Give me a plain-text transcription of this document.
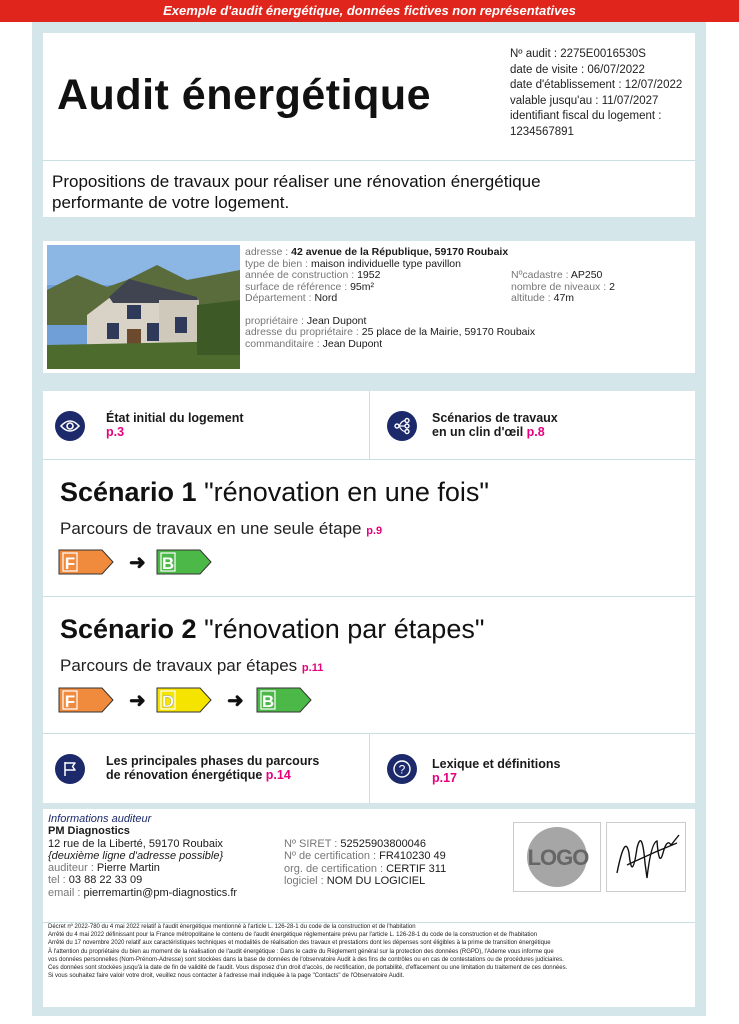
Exemple d'audit énergétique, données fictives non représentatives
Audit énergétique
Nº audit : 2275E0016530S
date de visite : 06/07/2022
date d'établissement : 12/07/2022
valable jusqu'au : 11/07/2027
identifiant fiscal du logement :
1234567891
Propositions de travaux pour réaliser une rénovation énergétique
performante de votre logement.
adresse : 42 avenue de la République, 59170 Roubaix
type de bien : maison individuelle type pavillon
année de construction : 1952	Nºcadastre : AP250
surface de référence : 95m²	nombre de niveaux : 2
Département : Nord	altitude : 47m
propriétaire : Jean Dupont
adresse du propriétaire : 25 place de la Mairie, 59170 Roubaix
commanditaire : Jean Dupont
État initial du logement
p.3
Scénarios de travaux
en un clin d'œil p.8
Scénario 1 "rénovation en une fois"
Parcours de travaux en une seule étape p.9
F	➜ B
Scénario 2 "rénovation par étapes"
Parcours de travaux par étapes p.11
F	➜ D	➜ B
Les principales phases du parcours
de rénovation énergétique p.14	? Lexique et définitions
p.17
Informations auditeur
PM Diagnostics
12 rue de la Liberté, 59170 Roubaix
{deuxième ligne d'adresse possible}
auditeur : Pierre Martin
tel : 03 88 22 33 09
email : pierremartin@pm-diagnostics.fr
Nº SIRET : 52525903800046
Nº de certification : FR410230 49
org. de certification : CERTIF 311
logiciel : NOM DU LOGICIEL
LOGO
Décret nº 2022-780 du 4 mai 2022 relatif à l'audit énergétique mentionné à l'article L. 126-28-1 du code de la construction et de l'habitation
Arrêté du 4 mai 2022 définissant pour la France métropolitaine le contenu de l'audit énergétique réglementaire prévu par l'article L. 126-28-1 du code de la construction et de l'habitation
Arrêté du 17 novembre 2020 relatif aux caractéristiques techniques et modalités de réalisation des travaux et prestations dont les dépenses sont éligibles à la prime de transition énergétique
À l'attention du propriétaire du bien au moment de la réalisation de l'audit énergétique : Dans le cadre du Règlement général sur la protection des données (RGPD), l'Ademe vous informe que
vos données personnelles (Nom-Prénom-Adresse) sont stockées dans la base de données de l'observatoire Audit à des fins de contrôles ou en cas de contestations ou de procédures judiciaires.
Ces données sont stockées jusqu'à la date de fin de validité de l'audit. Vous disposez d'un droit d'accès, de rectification, de portabilité, d'effacement ou une limitation du traitement de ces données.
Si vous souhaitez faire valoir votre droit, veuillez nous contacter à l'adresse mail indiquée à la page "Contacts" de l'Observatoire Audit.
